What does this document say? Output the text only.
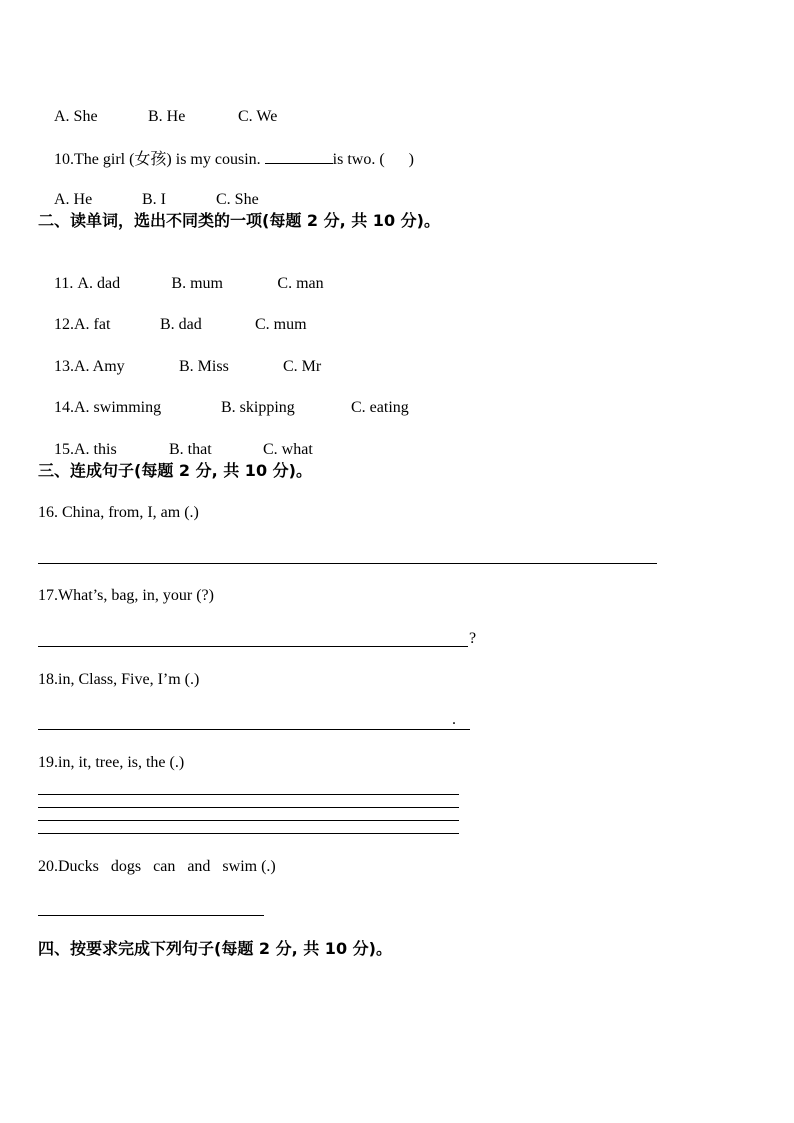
A. She	B. He	C. We

10.The girl (女孩) is my cousin.	is two. (      )

A. He	B. I	C. She

二、读单词，选出不同类的一项(每题 2 分, 共 10 分)。

11. A. dad	B. mum	C. man

12.A. fat	B. dad	C. mum

13.A. Amy	B. Miss	C. Mr

14.A. swimming	B. skipping	C. eating

15.A. this	B. that	C. what

三、连成句子(每题 2 分, 共 10 分)。
16. China, from, I, am (.)
17.What’s, bag, in, your (?)
?
18.in, Class, Five, I’m (.)
.
19.in, it, tree, is, the (.)
20.Ducks   dogs   can   and   swim (.)
四、按要求完成下列句子(每题 2 分, 共 10 分)。
